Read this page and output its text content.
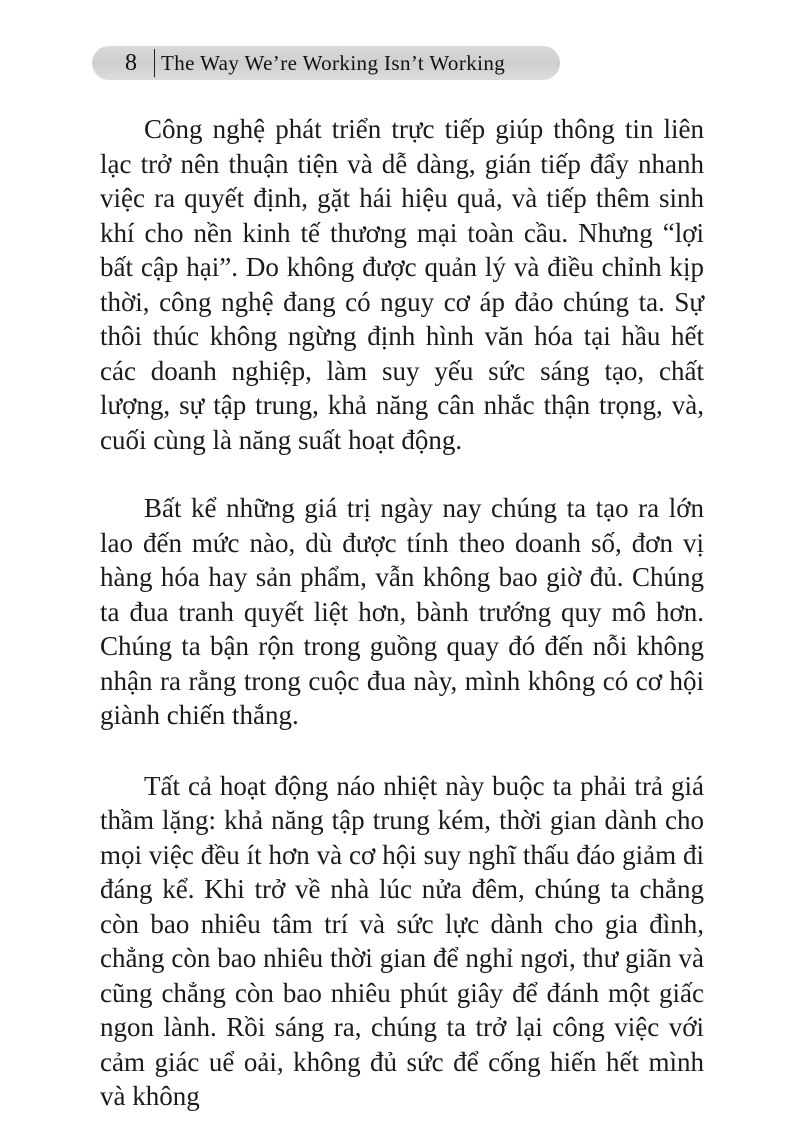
8	The Way We’re Working Isn’t Working

Công nghệ phát triển trực tiếp giúp thông tin liên lạc trở nên thuận tiện và dễ dàng, gián tiếp đẩy nhanh việc ra quyết định, gặt hái hiệu quả, và tiếp thêm sinh khí cho nền kinh tế thương mại toàn cầu. Nhưng “lợi bất cập hại”. Do không được quản lý và điều chỉnh kịp thời, công nghệ đang có nguy cơ áp đảo chúng ta. Sự thôi thúc không ngừng định hình văn hóa tại hầu hết các doanh nghiệp, làm suy yếu sức sáng tạo, chất lượng, sự tập trung, khả năng cân nhắc thận trọng, và, cuối cùng là năng suất hoạt động.

Bất kể những giá trị ngày nay chúng ta tạo ra lớn lao đến mức nào, dù được tính theo doanh số, đơn vị hàng hóa hay sản phẩm, vẫn không bao giờ đủ. Chúng ta đua tranh quyết liệt hơn, bành trướng quy mô hơn. Chúng ta bận rộn trong guồng quay đó đến nỗi không nhận ra rằng trong cuộc đua này, mình không có cơ hội giành chiến thắng.

Tất cả hoạt động náo nhiệt này buộc ta phải trả giá thầm lặng: khả năng tập trung kém, thời gian dành cho mọi việc đều ít hơn và cơ hội suy nghĩ thấu đáo giảm đi đáng kể. Khi trở về nhà lúc nửa đêm, chúng ta chẳng còn bao nhiêu tâm trí và sức lực dành cho gia đình, chẳng còn bao nhiêu thời gian để nghỉ ngơi, thư giãn và cũng chẳng còn bao nhiêu phút giây để đánh một giấc ngon lành. Rồi sáng ra, chúng ta trở lại công việc với cảm giác uể oải, không đủ sức để cống hiến hết mình và không
